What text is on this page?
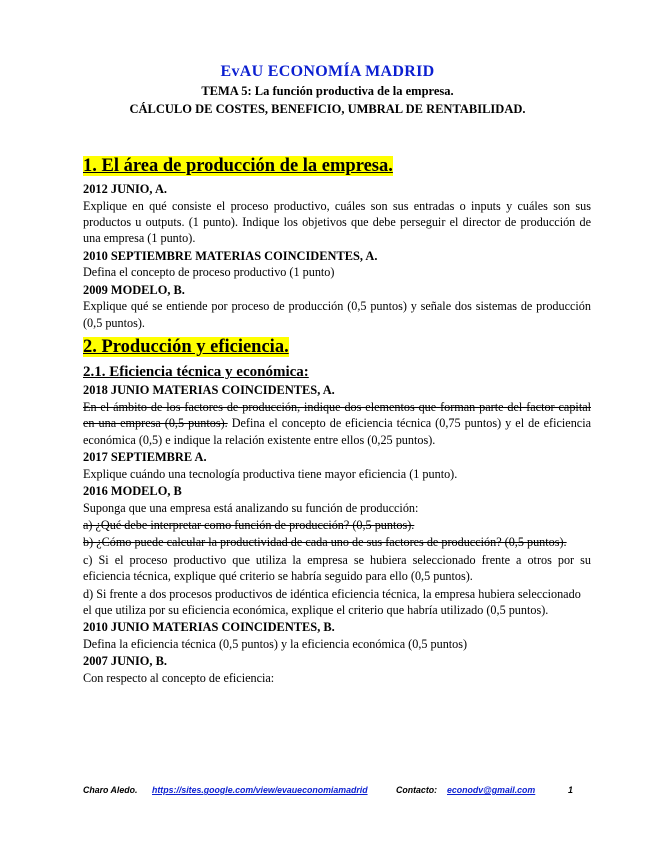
EvAU ECONOMÍA MADRID
TEMA 5: La función productiva de la empresa.
CÁLCULO DE COSTES, BENEFICIO, UMBRAL DE RENTABILIDAD.
1. El área de producción de la empresa.
2012 JUNIO, A.

Explique en qué consiste el proceso productivo, cuáles son sus entradas o inputs y cuáles son sus productos u outputs. (1 punto). Indique los objetivos que debe perseguir el director de producción de una empresa (1 punto).

2010 SEPTIEMBRE MATERIAS COINCIDENTES, A.

Defina el concepto de proceso productivo (1 punto)

2009 MODELO, B.

Explique qué se entiende por proceso de producción (0,5 puntos) y señale dos sistemas de producción (0,5 puntos).

2. Producción y eficiencia.
2.1. Eficiencia técnica y económica:
2018 JUNIO MATERIAS COINCIDENTES, A.

En el ámbito de los factores de producción, indique dos elementos que forman parte del factor capital en una empresa (0,5 puntos). Defina el concepto de eficiencia técnica (0,75 puntos) y el de eficiencia económica (0,5) e indique la relación existente entre ellos (0,25 puntos).

2017 SEPTIEMBRE A.

Explique cuándo una tecnología productiva tiene mayor eficiencia (1 punto).

2016 MODELO, B

Suponga que una empresa está analizando su función de producción:

a) ¿Qué debe interpretar como función de producción? (0,5 puntos).

b) ¿Cómo puede calcular la productividad de cada uno de sus factores de producción? (0,5 puntos).

c) Si el proceso productivo que utiliza la empresa se hubiera seleccionado frente a otros por su eficiencia técnica, explique qué criterio se habría seguido para ello (0,5 puntos).

d) Si frente a dos procesos productivos de idéntica eficiencia técnica, la empresa hubiera seleccionado el que utiliza por su eficiencia económica, explique el criterio que habría utilizado (0,5 puntos).

2010 JUNIO MATERIAS COINCIDENTES, B.

Defina la eficiencia técnica (0,5 puntos) y la eficiencia económica (0,5 puntos)

2007 JUNIO, B.

Con respecto al concepto de eficiencia:

Charo Aledo. https://sites.google.com/view/evaueconomiamadrid	Contacto: econodv@gmail.com	1
